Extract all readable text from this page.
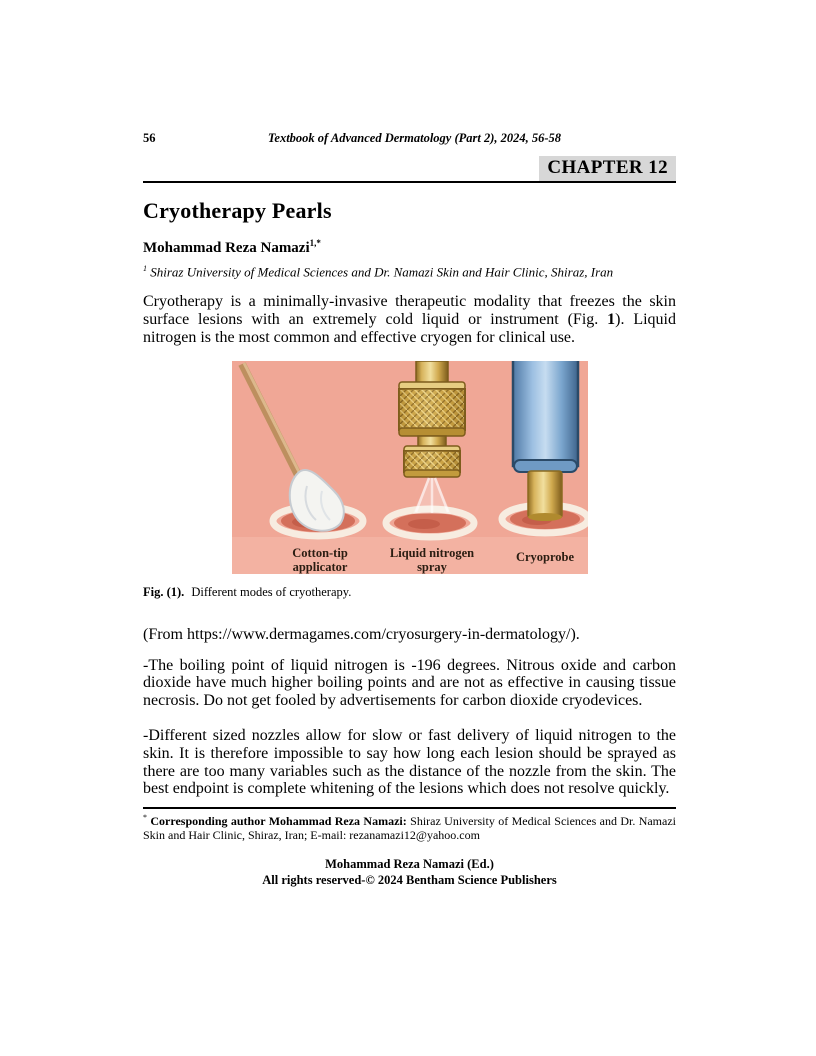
56	Textbook of Advanced Dermatology (Part 2), 2024, 56-58
CHAPTER 12
Cryotherapy Pearls

Mohammad Reza Namazi$^{1,*}$

$^1$ Shiraz University of Medical Sciences and Dr. Namazi Skin and Hair Clinic, Shiraz, Iran

Cryotherapy is a minimally-invasive therapeutic modality that freezes the skin surface lesions with an extremely cold liquid or instrument (Fig. 1). Liquid nitrogen is the most common and effective cryogen for clinical use.

Cotton-tip
applicator
Liquid nitrogen
spray
Cryoprobe

Fig. (1). Different modes of cryotherapy.

(From https://www.dermagames.com/cryosurgery-in-dermatology/).

-The boiling point of liquid nitrogen is -196 degrees. Nitrous oxide and carbon dioxide have much higher boiling points and are not as effective in causing tissue necrosis. Do not get fooled by advertisements for carbon dioxide cryodevices.

-Different sized nozzles allow for slow or fast delivery of liquid nitrogen to the skin. It is therefore impossible to say how long each lesion should be sprayed as there are too many variables such as the distance of the nozzle from the skin. The best endpoint is complete whitening of the lesions which does not resolve quickly.

* Corresponding author Mohammad Reza Namazi: Shiraz University of Medical Sciences and Dr. Namazi Skin and Hair Clinic, Shiraz, Iran; E-mail: rezanamazi12@yahoo.com

Mohammad Reza Namazi (Ed.)

All rights reserved-© 2024 Bentham Science Publishers
